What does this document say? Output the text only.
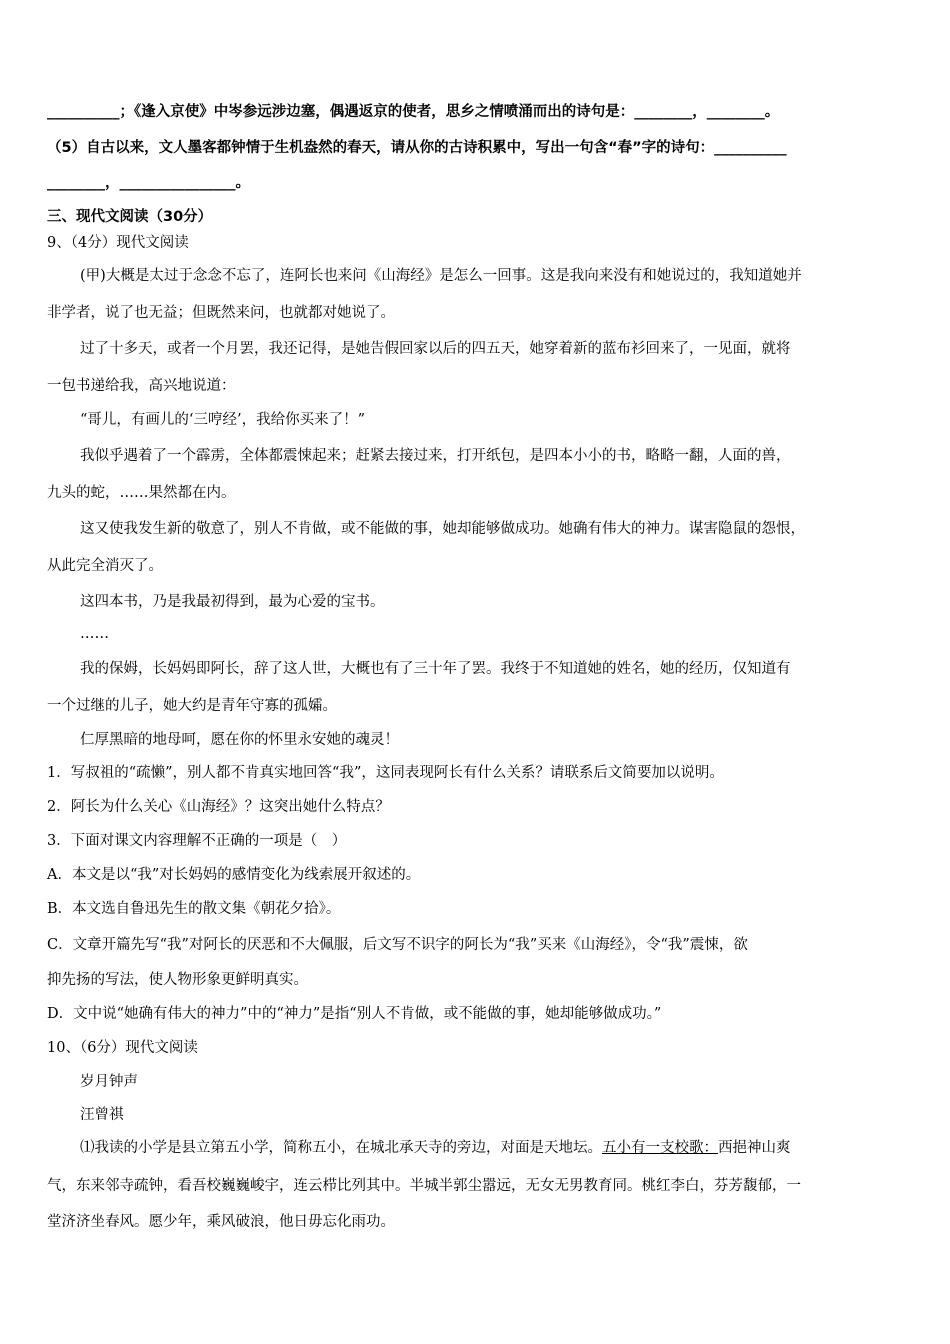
__________；《逢入京使》中岑参远涉边塞，偶遇返京的使者，思乡之情喷涌而出的诗句是：________，________。
（5）自古以来，文人墨客都钟情于生机盎然的春天，请从你的古诗积累中，写出一句含“春”字的诗句：__________
________，________________。
三、现代文阅读（30分）
9、（4分）现代文阅读
(甲)大概是太过于念念不忘了，连阿长也来问《山海经》是怎么一回事。这是我向来没有和她说过的，我知道她并
非学者，说了也无益；但既然来问，也就都对她说了。
过了十多天，或者一个月罢，我还记得，是她告假回家以后的四五天，她穿着新的蓝布衫回来了，一见面，就将
一包书递给我，高兴地说道：
“哥儿，有画儿的‘三哼经’，我给你买来了！”
我似乎遇着了一个霹雳，全体都震悚起来；赶紧去接过来，打开纸包，是四本小小的书，略略一翻，人面的兽，
九头的蛇，……果然都在内。
这又使我发生新的敬意了，别人不肯做，或不能做的事，她却能够做成功。她确有伟大的神力。谋害隐鼠的怨恨，
从此完全消灭了。
这四本书，乃是我最初得到，最为心爱的宝书。
……
我的保姆，长妈妈即阿长，辞了这人世，大概也有了三十年了罢。我终于不知道她的姓名，她的经历，仅知道有
一个过继的儿子，她大约是青年守寡的孤孀。
仁厚黑暗的地母呵，愿在你的怀里永安她的魂灵！
1．写叔祖的“疏懒”，别人都不肯真实地回答“我”，这同表现阿长有什么关系？请联系后文简要加以说明。
2．阿长为什么关心《山海经》？这突出她什么特点？
3．下面对课文内容理解不正确的一项是（　）
A．本文是以“我”对长妈妈的感情变化为线索展开叙述的。
B．本文选自鲁迅先生的散文集《朝花夕拾》。
C．文章开篇先写“我”对阿长的厌恶和不大佩服，后文写不识字的阿长为“我”买来《山海经》，令“我”震悚，欲
抑先扬的写法，使人物形象更鲜明真实。
D．文中说“她确有伟大的神力”中的“神力”是指“别人不肯做，或不能做的事，她却能够做成功。”
10、（6分）现代文阅读
岁月钟声
汪曾祺
⑴我读的小学是县立第五小学，简称五小，在城北承天寺的旁边，对面是天地坛。五小有一支校歌：西挹神山爽
气，东来邻寺疏钟，看吾校巍巍峻宇，连云栉比列其中。半城半郭尘嚣远，无女无男教育同。桃红李白，芬芳馥郁，一
堂济济坐春风。愿少年，乘风破浪，他日毋忘化雨功。
